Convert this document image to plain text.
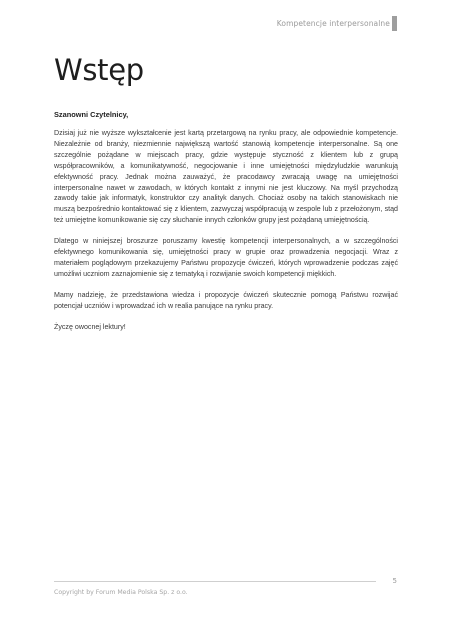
Kompetencje interpersonalne
Wstęp

Szanowni Czytelnicy,

Dzisiaj już nie wyższe wykształcenie jest kartą przetargową na rynku pracy, ale odpowiednie kompetencje. Niezależnie od branży, niezmiennie największą wartość stanowią kompetencje interpersonalne. Są one szczególnie pożądane w miejscach pracy, gdzie występuje styczność z klientem lub z grupą współpracowników, a komunikatywność, negocjowanie i inne umiejętności międzyludzkie warunkują efektywność pracy. Jednak można zauważyć, że pracodawcy zwracają uwagę na umiejętności interpersonalne nawet w zawodach, w których kontakt z innymi nie jest kluczowy. Na myśl przychodzą zawody takie jak informatyk, konstruktor czy analityk danych. Chociaż osoby na takich stanowiskach nie muszą bezpośrednio kontaktować się z klientem, zazwyczaj współpracują w zespole lub z przełożonym, stąd też umiejętne komunikowanie się czy słuchanie innych członków grupy jest pożądaną umiejętnością.

Dlatego w niniejszej broszurze poruszamy kwestię kompetencji interpersonalnych, a w szczególności efektywnego komunikowania się, umiejętności pracy w grupie oraz prowadzenia negocjacji. Wraz z materiałem poglądowym przekazujemy Państwu propozycje ćwiczeń, których wprowadzenie podczas zajęć umożliwi uczniom zaznajomienie się z tematyką i rozwijanie swoich kompetencji miękkich.

Mamy nadzieję, że przedstawiona wiedza i propozycje ćwiczeń skutecznie pomogą Państwu rozwijać potencjał uczniów i wprowadzać ich w realia panujące na rynku pracy.

Życzę owocnej lektury!

5
Copyright by Forum Media Polska Sp. z o.o.
